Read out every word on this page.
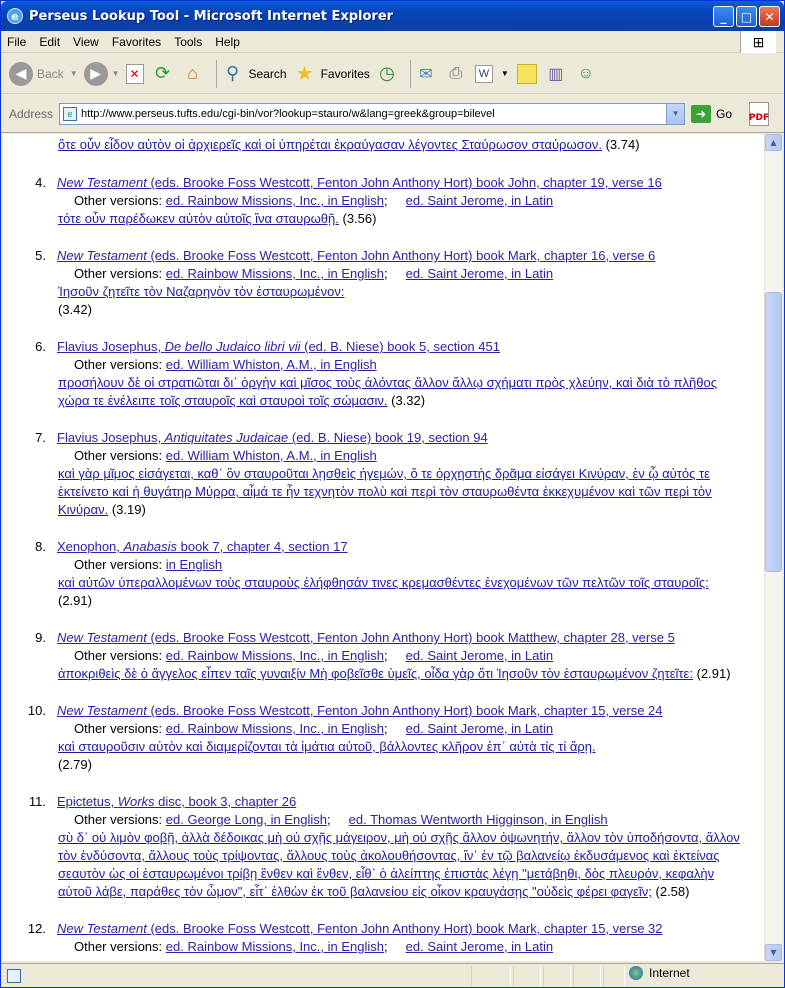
e Perseus Lookup Tool - Microsoft Internet Explorer	_	□	✕
File Edit View Favorites Tools Help	⊞
◀ Back ▼ ▶	▼ ✕ ⟳ ⌂	⚲ Search ★ Favorites ◷ ✉ ⎙	W	▼ ▥ ☺
Address	e http://www.perseus.tufts.edu/cgi-bin/vor?lookup=stauro/w&lang=greek&group=bilevel	▼	➜ Go PDF
ὅτε οὖν εἶδον αὐτὸν οἱ ἀρχιερεῖς καὶ οἱ ὑπηρέται ἐκραύγασαν λέγοντες Σταύρωσον σταύρωσον. (3.74)
4. New Testament (eds. Brooke Foss Westcott, Fenton John Anthony Hort) book John, chapter 19, verse 16
Other versions: ed. Rainbow Missions, Inc., in English;     ed. Saint Jerome, in Latin
τότε οὖν παρέδωκεν αὐτὸν αὐτοῖς ἵνα σταυρωθῇ. (3.56)
5. New Testament (eds. Brooke Foss Westcott, Fenton John Anthony Hort) book Mark, chapter 16, verse 6
Other versions: ed. Rainbow Missions, Inc., in English;     ed. Saint Jerome, in Latin
(3.42)
Ἰησοῦν ζητεῖτε τὸν Ναζαρηνὸν τὸν ἐσταυρωμένον:
6. Flavius Josephus, De bello Judaico libri vii (ed. B. Niese) book 5, section 451
Other versions: ed. William Whiston, A.M., in English
προσήλουν δὲ οἱ στρατιῶται δι᾽ ὀργὴν καὶ μῖσος τοὺς ἁλόντας ἄλλον ἄλλῳ σχήματι πρὸς χλεύην, καὶ διὰ τὸ πλῆθος
χώρα τε ἐνέλειπε τοῖς σταυροῖς καὶ σταυροὶ τοῖς σώμασιν. (3.32)
7. Flavius Josephus, Antiquitates Judaicae (ed. B. Niese) book 19, section 94
Other versions: ed. William Whiston, A.M., in English
καὶ γὰρ μῖμος εἰσάγεται, καθ᾽ ὃν σταυροῦται λῃσθεὶς ἡγεμών, ὅ τε ὀρχηστὴς δρᾶμα εἰσάγει Κινύραν, ἐν ᾧ αὐτός τε
ἐκτείνετο καὶ ἡ θυγάτηρ Μύρρα, αἷμά τε ἦν τεχνητὸν πολὺ καὶ περὶ τὸν σταυρωθέντα ἐκκεχυμένον καὶ τῶν περὶ τὸν
Κινύραν. (3.19)
8. Xenophon, Anabasis book 7, chapter 4, section 17
Other versions: in English
(2.91)
καὶ αὐτῶν ὑπεραλλομένων τοὺς σταυροὺς ἐλήφθησάν τινες κρεμασθέντες ἐνεχομένων τῶν πελτῶν τοῖς σταυροῖς:
9. New Testament (eds. Brooke Foss Westcott, Fenton John Anthony Hort) book Matthew, chapter 28, verse 5
Other versions: ed. Rainbow Missions, Inc., in English;     ed. Saint Jerome, in Latin
ἀποκριθεὶς δὲ ὁ ἄγγελος εἶπεν ταῖς γυναιξίν Μὴ φοβεῖσθε ὑμεῖς, οἶδα γὰρ ὅτι Ἰησοῦν τὸν ἐσταυρωμένον ζητεῖτε: (2.91)
10. New Testament (eds. Brooke Foss Westcott, Fenton John Anthony Hort) book Mark, chapter 15, verse 24
Other versions: ed. Rainbow Missions, Inc., in English;     ed. Saint Jerome, in Latin
(2.79)
καὶ σταυροῦσιν αὐτὸν καὶ διαμερίζονται τὰ ἱμάτια αὐτοῦ, βάλλοντες κλῆρον ἐπ᾽ αὐτὰ τίς τί ἄρῃ.
11. Epictetus, Works disc, book 3, chapter 26
Other versions: ed. George Long, in English;     ed. Thomas Wentworth Higginson, in English
σὺ δ᾽ οὐ λιμὸν φοβῇ, ἀλλὰ δέδοικας μὴ οὐ σχῇς μάγειρον, μὴ οὐ σχῇς ἄλλον ὀψωνητήν, ἄλλον τὸν ὑποδήσοντα, ἄλλον
τὸν ἐνδύσοντα, ἄλλους τοὺς τρίψοντας, ἄλλους τοὺς ἀκολουθήσοντας, ἵν᾽ ἐν τῷ βαλανείῳ ἐκδυσάμενος καὶ ἐκτείνας
σεαυτὸν ὡς οἱ ἐσταυρωμένοι τρίβῃ ἔνθεν καὶ ἔνθεν, εἶθ᾽ ὁ ἀλείπτης ἐπιστὰς λέγῃ "μετάβηθι, δὸς πλευρόν, κεφαλὴν
αὐτοῦ λάβε, παράθες τὸν ὦμον", εἶτ᾽ ἐλθὼν ἐκ τοῦ βαλανείου εἰς οἶκον κραυγάσῃς "οὐδεὶς φέρει φαγεῖν; (2.58)
12. New Testament (eds. Brooke Foss Westcott, Fenton John Anthony Hort) book Mark, chapter 15, verse 32
Other versions: ed. Rainbow Missions, Inc., in English;     ed. Saint Jerome, in Latin
▲
▼
Internet
